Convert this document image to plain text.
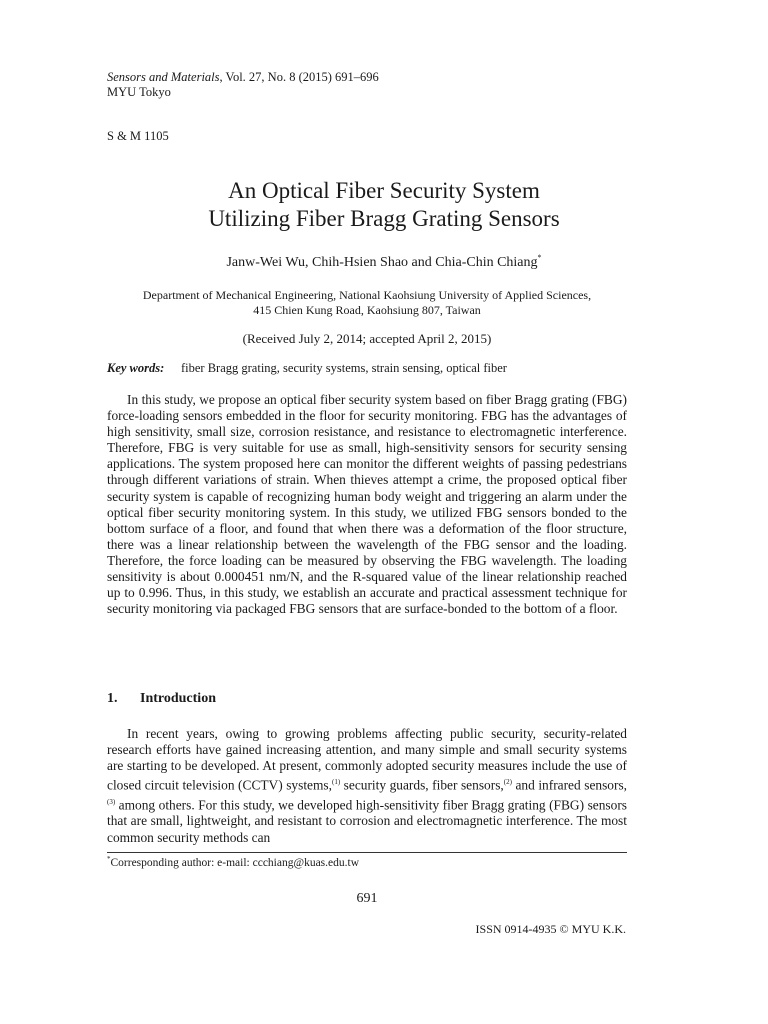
Sensors and Materials, Vol. 27, No. 8 (2015) 691–696
MYU Tokyo
S & M 1105
An Optical Fiber Security System
Utilizing Fiber Bragg Grating Sensors
Janw-Wei Wu, Chih-Hsien Shao and Chia-Chin Chiang*
Department of Mechanical Engineering, National Kaohsiung University of Applied Sciences,
415 Chien Kung Road, Kaohsiung 807, Taiwan
(Received July 2, 2014; accepted April 2, 2015)
Key words: fiber Bragg grating, security systems, strain sensing, optical fiber
In this study, we propose an optical fiber security system based on fiber Bragg grating (FBG) force-loading sensors embedded in the floor for security monitoring. FBG has the advantages of high sensitivity, small size, corrosion resistance, and resistance to electromagnetic interference. Therefore, FBG is very suitable for use as small, high-sensitivity sensors for security sensing applications. The system proposed here can monitor the different weights of passing pedestrians through different variations of strain. When thieves attempt a crime, the proposed optical fiber security system is capable of recognizing human body weight and triggering an alarm under the optical fiber security monitoring system. In this study, we utilized FBG sensors bonded to the bottom surface of a floor, and found that when there was a deformation of the floor structure, there was a linear relationship between the wavelength of the FBG sensor and the loading. Therefore, the force loading can be measured by observing the FBG wavelength. The loading sensitivity is about 0.000451 nm/N, and the R-squared value of the linear relationship reached up to 0.996. Thus, in this study, we establish an accurate and practical assessment technique for security monitoring via packaged FBG sensors that are surface-bonded to the bottom of a floor.
1. Introduction
In recent years, owing to growing problems affecting public security, security-related research efforts have gained increasing attention, and many simple and small security systems are starting to be developed. At present, commonly adopted security measures include the use of closed circuit television (CCTV) systems,$^{(1)}$ security guards, fiber sensors,$^{(2)}$ and infrared sensors,$^{(3)}$ among others. For this study, we developed high-sensitivity fiber Bragg grating (FBG) sensors that are small, lightweight, and resistant to corrosion and electromagnetic interference. The most common security methods can
*Corresponding author: e-mail: ccchiang@kuas.edu.tw
691
ISSN 0914-4935 © MYU K.K.
